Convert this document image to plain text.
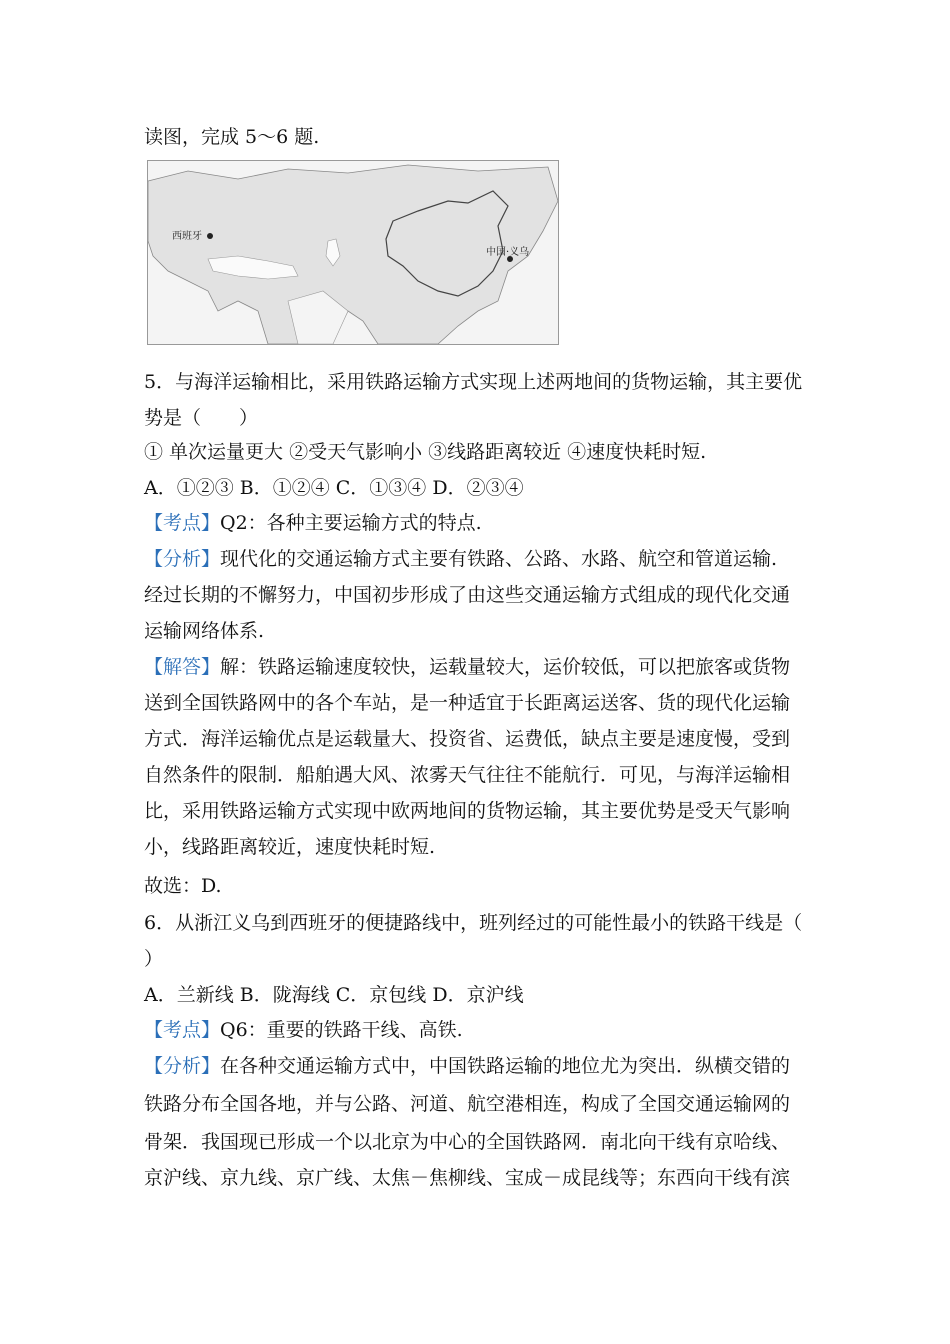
读图，完成 5～6 题.
西班牙
中国·义乌
5．与海洋运输相比，采用铁路运输方式实现上述两地间的货物运输，其主要优
势是（　　）
① 单次运量更大 ②受天气影响小 ③线路距离较近 ④速度快耗时短.
A．①②③ B．①②④ C．①③④ D．②③④
【考点】Q2：各种主要运输方式的特点.
【分析】现代化的交通运输方式主要有铁路、公路、水路、航空和管道运输.
经过长期的不懈努力，中国初步形成了由这些交通运输方式组成的现代化交通
运输网络体系.
【解答】解：铁路运输速度较快，运载量较大，运价较低，可以把旅客或货物
送到全国铁路网中的各个车站，是一种适宜于长距离运送客、货的现代化运输
方式．海洋运输优点是运载量大、投资省、运费低，缺点主要是速度慢，受到
自然条件的限制．船舶遇大风、浓雾天气往往不能航行．可见，与海洋运输相
比，采用铁路运输方式实现中欧两地间的货物运输，其主要优势是受天气影响
小，线路距离较近，速度快耗时短.
故选：D.
6．从浙江义乌到西班牙的便捷路线中，班列经过的可能性最小的铁路干线是（
）
A．兰新线 B．陇海线 C．京包线 D．京沪线
【考点】Q6：重要的铁路干线、高铁.
【分析】在各种交通运输方式中，中国铁路运输的地位尤为突出．纵横交错的
铁路分布全国各地，并与公路、河道、航空港相连，构成了全国交通运输网的
骨架．我国现已形成一个以北京为中心的全国铁路网．南北向干线有京哈线、
京沪线、京九线、京广线、太焦－焦柳线、宝成－成昆线等；东西向干线有滨
